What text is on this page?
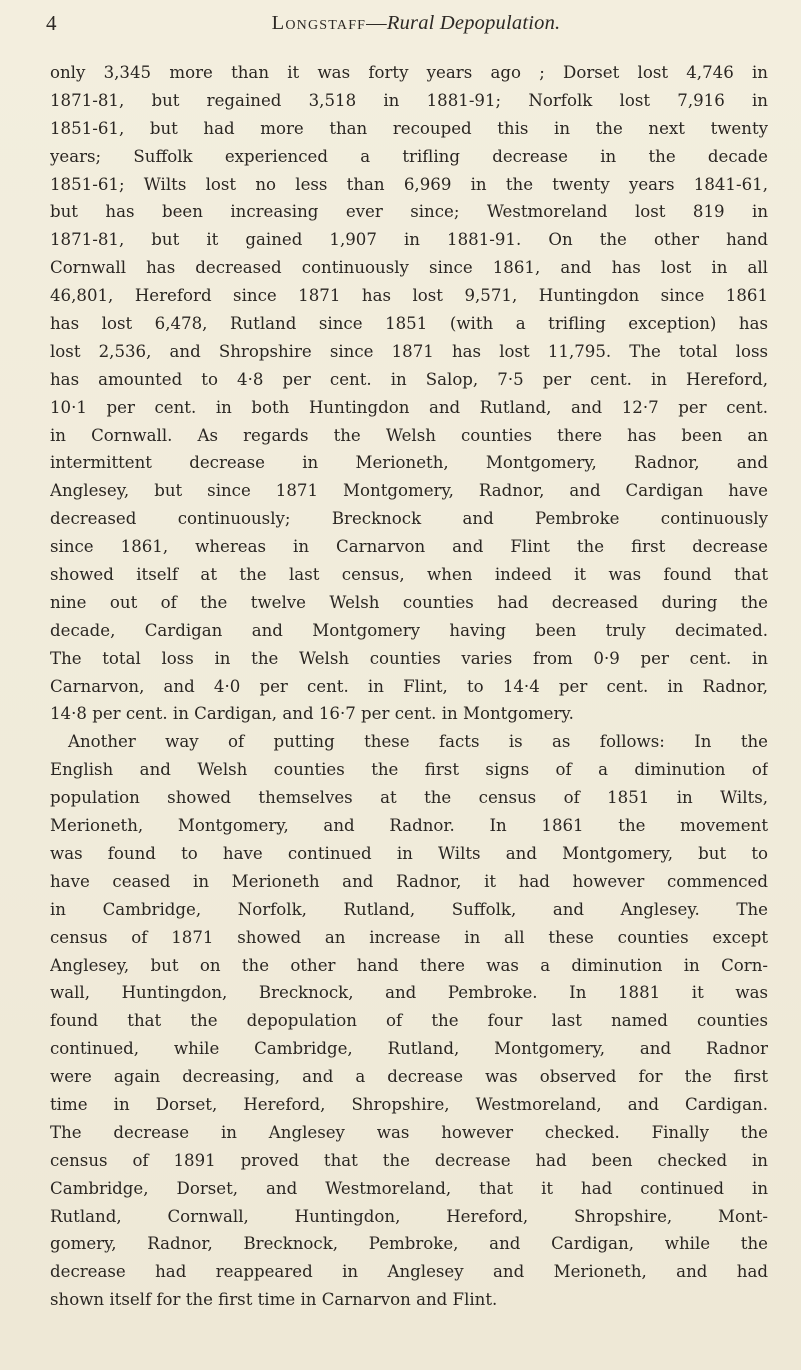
4	Longstaff—Rural Depopulation.
only 3,345 more than it was forty years ago ; Dorset lost 4,746 in
1871-81, but regained 3,518 in 1881-91; Norfolk lost 7,916 in
1851-61, but had more than recouped this in the next twenty
years; Suffolk experienced a trifling decrease in the decade
1851-61; Wilts lost no less than 6,969 in the twenty years 1841-61,
but has been increasing ever since; Westmoreland lost 819 in
1871-81, but it gained 1,907 in 1881-91. On the other hand
Cornwall has decreased continuously since 1861, and has lost in all
46,801, Hereford since 1871 has lost 9,571, Huntingdon since 1861
has lost 6,478, Rutland since 1851 (with a trifling exception) has
lost 2,536, and Shropshire since 1871 has lost 11,795. The total loss
has amounted to 4·8 per cent. in Salop, 7·5 per cent. in Hereford,
10·1 per cent. in both Huntingdon and Rutland, and 12·7 per cent.
in Cornwall. As regards the Welsh counties there has been an
intermittent decrease in Merioneth, Montgomery, Radnor, and
Anglesey, but since 1871 Montgomery, Radnor, and Cardigan have
decreased continuously; Brecknock and Pembroke continuously
since 1861, whereas in Carnarvon and Flint the first decrease
showed itself at the last census, when indeed it was found that
nine out of the twelve Welsh counties had decreased during the
decade, Cardigan and Montgomery having been truly decimated.
The total loss in the Welsh counties varies from 0·9 per cent. in
Carnarvon, and 4·0 per cent. in Flint, to 14·4 per cent. in Radnor,
14·8 per cent. in Cardigan, and 16·7 per cent. in Montgomery.
Another way of putting these facts is as follows: In the
English and Welsh counties the first signs of a diminution of
population showed themselves at the census of 1851 in Wilts,
Merioneth, Montgomery, and Radnor. In 1861 the movement
was found to have continued in Wilts and Montgomery, but to
have ceased in Merioneth and Radnor, it had however commenced
in Cambridge, Norfolk, Rutland, Suffolk, and Anglesey. The
census of 1871 showed an increase in all these counties except
Anglesey, but on the other hand there was a diminution in Corn-
wall, Huntingdon, Brecknock, and Pembroke. In 1881 it was
found that the depopulation of the four last named counties
continued, while Cambridge, Rutland, Montgomery, and Radnor
were again decreasing, and a decrease was observed for the first
time in Dorset, Hereford, Shropshire, Westmoreland, and Cardigan.
The decrease in Anglesey was however checked. Finally the
census of 1891 proved that the decrease had been checked in
Cambridge, Dorset, and Westmoreland, that it had continued in
Rutland, Cornwall, Huntingdon, Hereford, Shropshire, Mont-
gomery, Radnor, Brecknock, Pembroke, and Cardigan, while the
decrease had reappeared in Anglesey and Merioneth, and had
shown itself for the first time in Carnarvon and Flint.
